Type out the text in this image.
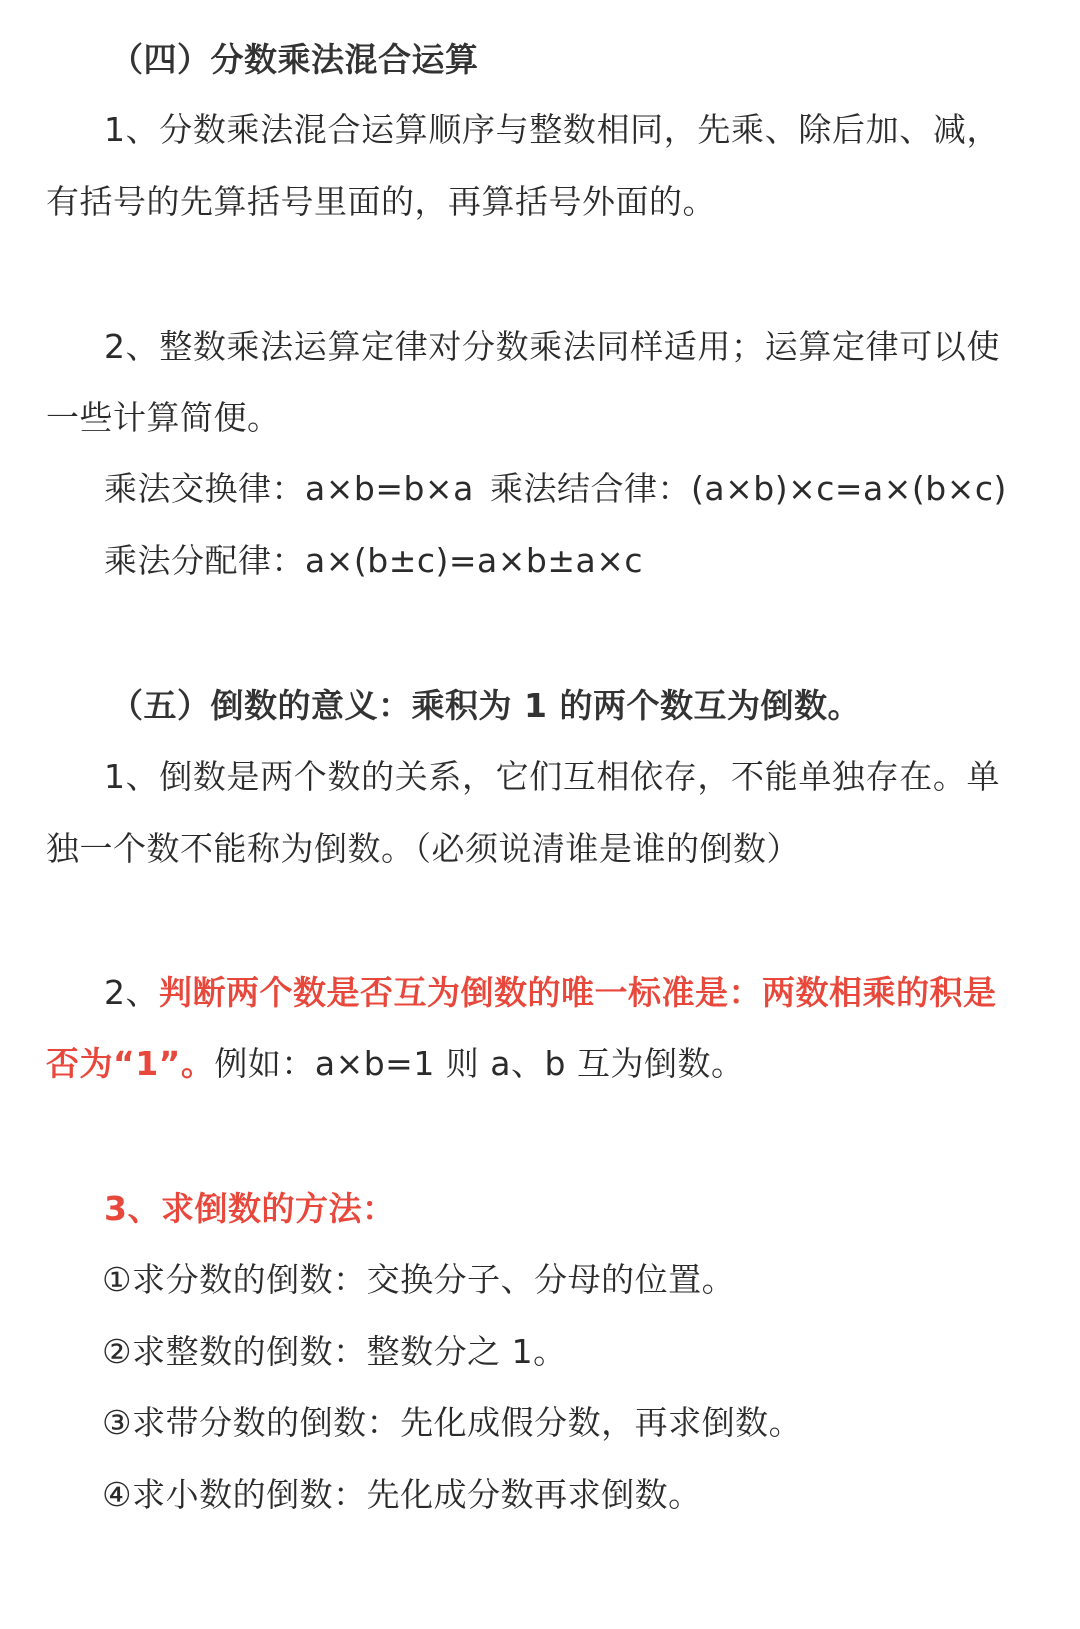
（四）分数乘法混合运算
1、分数乘法混合运算顺序与整数相同，先乘、除后加、减，
有括号的先算括号里面的，再算括号外面的。
2、整数乘法运算定律对分数乘法同样适用；运算定律可以使
一些计算简便。
乘法交换律：a×b=b×a 乘法结合律：(a×b)×c=a×(b×c)
乘法分配律：a×(b±c)=a×b±a×c
（五）倒数的意义：乘积为 1 的两个数互为倒数。
1、倒数是两个数的关系，它们互相依存，不能单独存在。单
独一个数不能称为倒数。（必须说清谁是谁的倒数）
2、判断两个数是否互为倒数的唯一标准是：两数相乘的积是
否为“1”。例如：a×b=1 则 a、b 互为倒数。
3、求倒数的方法：
①求分数的倒数：交换分子、分母的位置。
②求整数的倒数：整数分之 1。
③求带分数的倒数：先化成假分数，再求倒数。
④求小数的倒数：先化成分数再求倒数。
